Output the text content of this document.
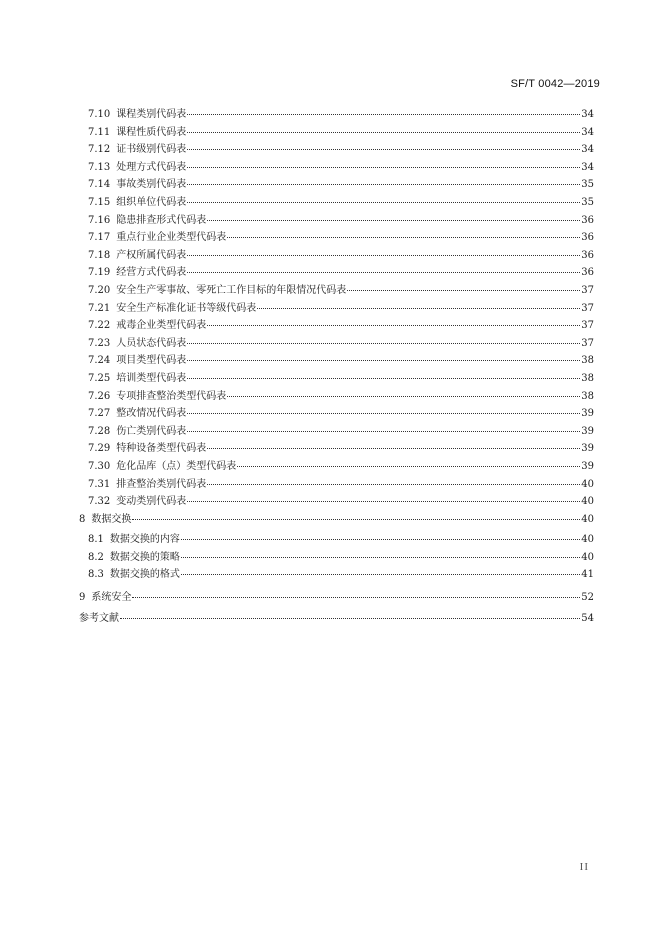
SF/T 0042—2019
7.10 课程类别代码表	34
7.11 课程性质代码表	34
7.12 证书级别代码表	34
7.13 处理方式代码表	34
7.14 事故类别代码表	35
7.15 组织单位代码表	35
7.16 隐患排查形式代码表	36
7.17 重点行业企业类型代码表	36
7.18 产权所属代码表	36
7.19 经营方式代码表	36
7.20 安全生产零事故、零死亡工作目标的年限情况代码表	37
7.21 安全生产标准化证书等级代码表	37
7.22 戒毒企业类型代码表	37
7.23 人员状态代码表	37
7.24 项目类型代码表	38
7.25 培训类型代码表	38
7.26 专项排查整治类型代码表	38
7.27 整改情况代码表	39
7.28 伤亡类别代码表	39
7.29 特种设备类型代码表	39
7.30 危化品库（点）类型代码表	39
7.31 排查整治类别代码表	40
7.32 变动类别代码表	40
8 数据交换	40
8.1 数据交换的内容	40
8.2 数据交换的策略	40
8.3 数据交换的格式	41
9 系统安全	52
参考文献	54
II
